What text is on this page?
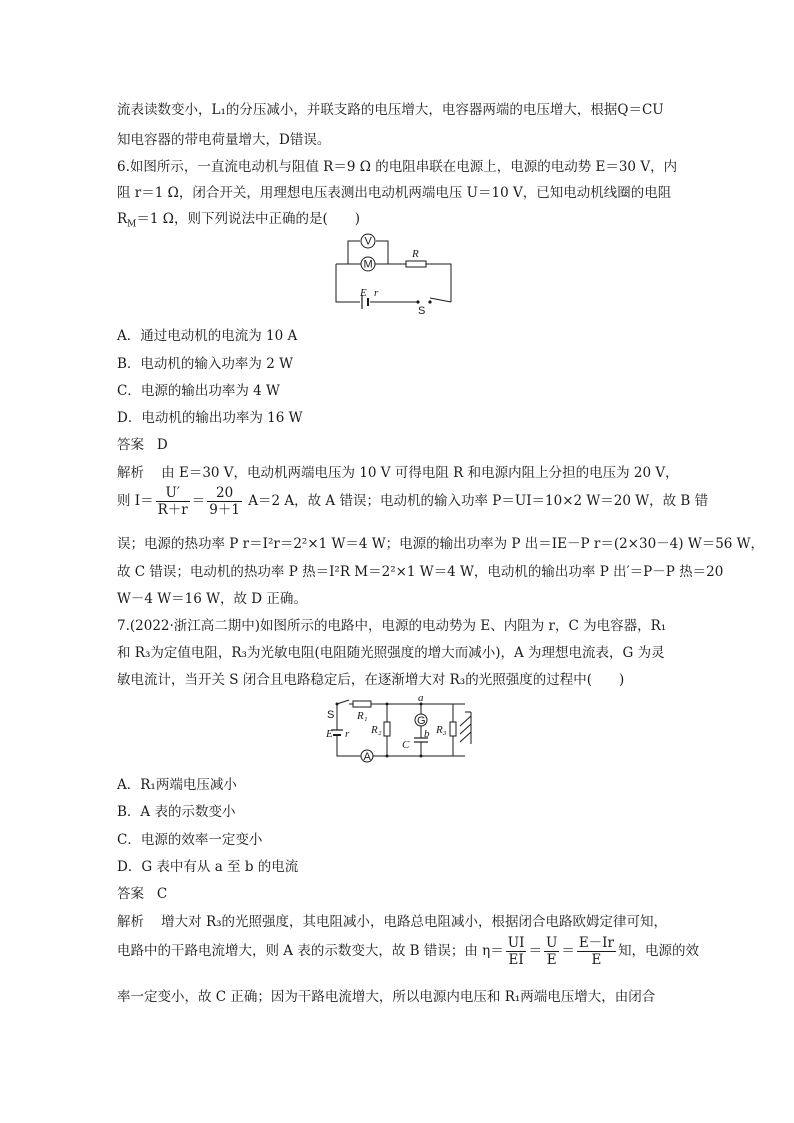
流表读数变小，L₁的分压减小，并联支路的电压增大，电容器两端的电压增大，根据Q＝CU
知电容器的带电荷量增大，D错误。
6.如图所示，一直流电动机与阻值 R＝9 Ω 的电阻串联在电源上，电源的电动势 E＝30 V，内
阻 r＝1 Ω，闭合开关，用理想电压表测出电动机两端电压 U＝10 V，已知电动机线圈的电阻
$R_M=1$ Ω，则下列说法中正确的是(　　)
V
M
R
E r
S
A．通过电动机的电流为 10 A
B．电动机的输入功率为 2 W
C．电源的输出功率为 4 W
D．电动机的输出功率为 16 W
答案 D
解析 由 E＝30 V，电动机两端电压为 10 V 可得电阻 R 和电源内阻上分担的电压为 20 V，
则 $I= \frac{U'}{R+r} = \frac{20}{9+1} A=2$ A，故 A 错误；电动机的输入功率 P＝UI＝10×2 W＝20 W，故 B 错
误；电源的热功率 P r＝I²r＝2²×1 W＝4 W；电源的输出功率为 P 出＝IE－P r＝(2×30－4) W＝56 W，
故 C 错误；电动机的热功率 P 热＝I²R M＝2²×1 W＝4 W，电动机的输出功率 P 出′＝P－P 热＝20
W－4 W＝16 W，故 D 正确。
7.(2022·浙江高二期中)如图所示的电路中，电源的电动势为 E、内阻为 r，C 为电容器，R₁
和 R₃为定值电阻，R₃为光敏电阻(电阻随光照强度的增大而减小)，A 为理想电流表，G 为灵
敏电流计，当开关 S 闭合且电路稳定后，在逐渐增大对 R₃的光照强度的过程中(　　)
S R₁
E r R₂
a
G
b
C
R₃
A
A．R₁两端电压减小
B．A 表的示数变小
C．电源的效率一定变小
D．G 表中有从 a 至 b 的电流
答案 C
解析 增大对 R₃的光照强度，其电阻减小，电路总电阻减小，根据闭合电路欧姆定律可知，
电路中的干路电流增大，则 A 表的示数变大，故 B 错误；由 $\eta= \frac{UI}{EI} = \frac{U}{E} = \frac{E-Ir}{E}$ 知，电源的效
率一定变小，故 C 正确；因为干路电流增大，所以电源内电压和 R₁两端电压增大，由闭合
